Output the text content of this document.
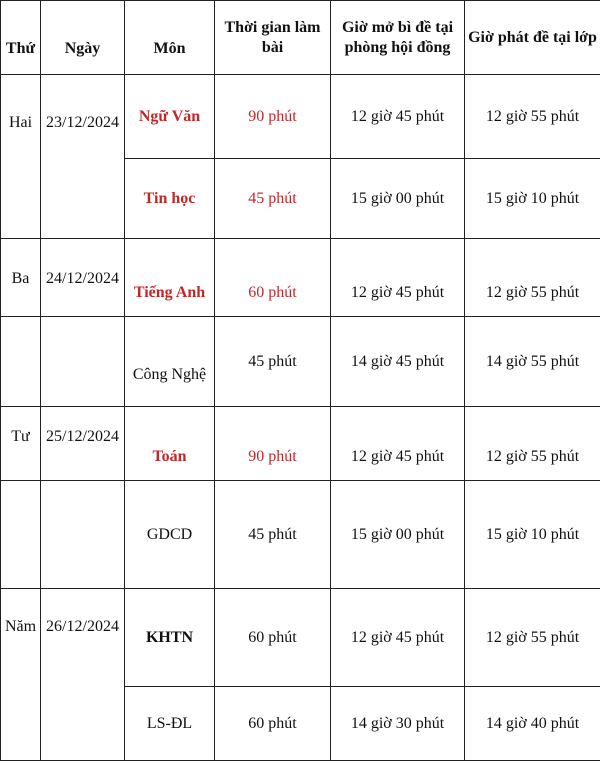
Thứ	Ngày	Môn	Thời gian làm bài	Giờ mở bì đề tại phòng hội đồng	Giờ phát đề tại lớp
Hai	23/12/2024	Ngữ Văn	90 phút	12 giờ 45 phút	12 giờ 55 phút
		Tin học	45 phút	15 giờ 00 phút	15 giờ 10 phút
Ba	24/12/2024	Tiếng Anh	60 phút	12 giờ 45 phút	12 giờ 55 phút
		Công Nghệ	45 phút	14 giờ 45 phút	14 giờ 55 phút
Tư	25/12/2024	Toán	90 phút	12 giờ 45 phút	12 giờ 55 phút
		GDCD	45 phút	15 giờ 00 phút	15 giờ 10 phút
Năm	26/12/2024	KHTN	60 phút	12 giờ 45 phút	12 giờ 55 phút
		LS-ĐL	60 phút	14 giờ 30 phút	14 giờ 40 phút
